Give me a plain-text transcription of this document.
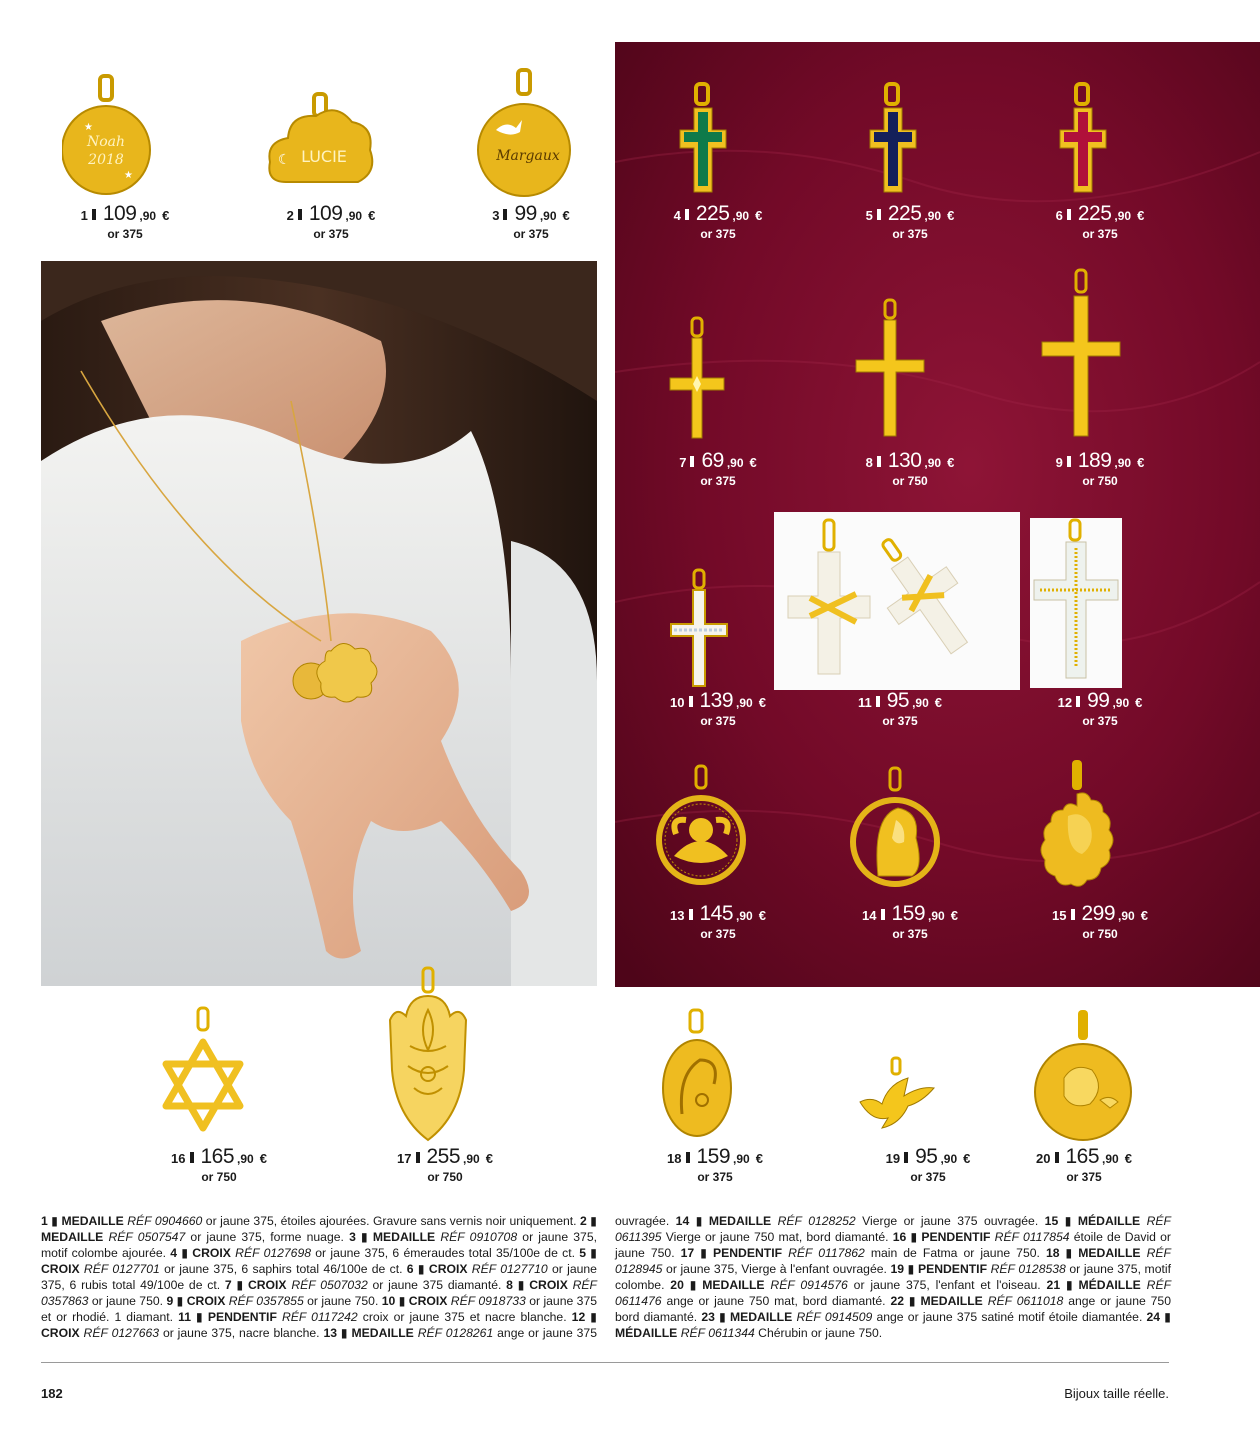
Noah
2018
★
★
LUCIE
☾	Margaux
1 109 ,90 €
or 375
2 109 ,90 €
or 375
3 99 ,90 €
or 375
4 225 ,90 €
or 375
5 225 ,90 €
or 375
6 225 ,90 €
or 375
7 69 ,90 €
or 375
8 130 ,90 €
or 750
9 189 ,90 €
or 750
10 139 ,90 €
or 375
11 95 ,90 €
or 375
12 99 ,90 €
or 375
13 145 ,90 €
or 375
14 159 ,90 €
or 375
15 299 ,90 €
or 750
16 165 ,90 €
or 750
17 255 ,90 €
or 750
18 159 ,90 €
or 375
19 95 ,90 €
or 375
20 165 ,90 €
or 375
1 ▮ MEDAILLE RÉF 0904660 or jaune 375, étoiles ajourées. Gravure sans vernis noir uniquement. 2 ▮ MEDAILLE RÉF 0507547 or jaune 375, forme nuage. 3 ▮ MEDAILLE RÉF 0910708 or jaune 375, motif colombe ajourée. 4 ▮ CROIX RÉF 0127698 or jaune 375, 6 émeraudes total 35/100e de ct. 5 ▮ CROIX RÉF 0127701 or jaune 375, 6 saphirs total 46/100e de ct. 6 ▮ CROIX RÉF 0127710 or jaune 375, 6 rubis total 49/100e de ct. 7 ▮ CROIX RÉF 0507032 or jaune 375 diamanté. 8 ▮ CROIX RÉF 0357863 or jaune 750. 9 ▮ CROIX RÉF 0357855 or jaune 750. 10 ▮ CROIX RÉF 0918733 or jaune 375 et or rhodié. 1 diamant. 11 ▮ PENDENTIF RÉF 0117242 croix or jaune 375 et nacre blanche. 12 ▮ CROIX RÉF 0127663 or jaune 375, nacre blanche. 13 ▮ MEDAILLE RÉF 0128261 ange or jaune 375 ouvragée. 14 ▮ MEDAILLE RÉF 0128252 Vierge or jaune 375 ouvragée. 15 ▮ MÉDAILLE RÉF 0611395 Vierge or jaune 750 mat, bord diamanté. 16 ▮ PENDENTIF RÉF 0117854 étoile de David or jaune 750. 17 ▮ PENDENTIF RÉF 0117862 main de Fatma or jaune 750. 18 ▮ MEDAILLE RÉF 0128945 or jaune 375, Vierge à l'enfant ouvragée. 19 ▮ PENDENTIF RÉF 0128538 or jaune 375, motif colombe. 20 ▮ MEDAILLE RÉF 0914576 or jaune 375, l'enfant et l'oiseau. 21 ▮ MÉDAILLE RÉF 0611476 ange or jaune 750 mat, bord diamanté. 22 ▮ MEDAILLE RÉF 0611018 ange or jaune 750 bord diamanté. 23 ▮ MEDAILLE RÉF 0914509 ange or jaune 375 satiné motif étoile diamantée. 24 ▮ MÉDAILLE RÉF 0611344 Chérubin or jaune 750.
182	Bijoux taille réelle.
